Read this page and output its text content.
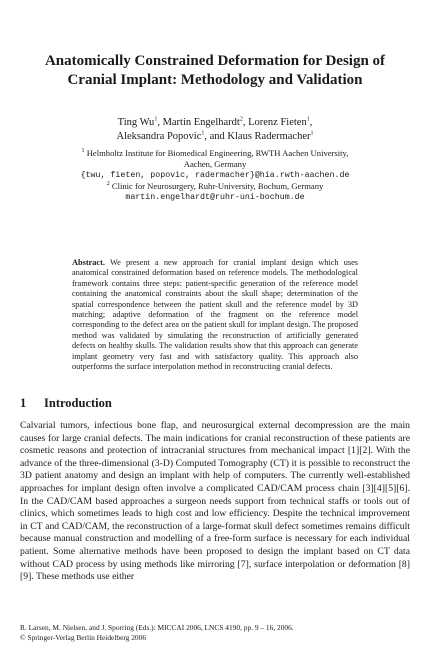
Anatomically Constrained Deformation for Design of
Cranial Implant: Methodology and Validation
Ting Wu$^1$, Martin Engelhardt$^2$, Lorenz Fieten$^1$,
Aleksandra Popovic$^1$, and Klaus Radermacher$^1$
$^1$ Helmholtz Institute for Biomedical Engineering, RWTH Aachen University,
Aachen, Germany
{twu, fieten, popovic, radermacher}@hia.rwth-aachen.de
$^2$ Clinic for Neurosurgery, Ruhr-University, Bochum, Germany
martin.engelhardt@ruhr-uni-bochum.de
Abstract. We present a new approach for cranial implant design which uses anatomical constrained deformation based on reference models. The methodological framework contains three steps: patient-specific generation of the reference model containing the anatomical constraints about the skull shape; determination of the spatial correspondence between the patient skull and the reference model by 3D matching; adaptive deformation of the fragment on the reference model corresponding to the defect area on the patient skull for implant design. The proposed method was validated by simulating the reconstruction of artificially generated defects on healthy skulls. The validation results show that this approach can generate implant geometry very fast and with satisfactory quality. This approach also outperforms the surface interpolation method in reconstructing cranial defects.
1 Introduction
Calvarial tumors, infectious bone flap, and neurosurgical external decompression are the main causes for large cranial defects. The main indications for cranial reconstruction of these patients are cosmetic reasons and protection of intracranial structures from mechanical impact [1][2]. With the advance of the three-dimensional (3-D) Computed Tomography (CT) it is possible to reconstruct the 3D patient anatomy and design an implant with help of computers. The currently well-established approaches for implant design often involve a complicated CAD/CAM process chain [3][4][5][6]. In the CAD/CAM based approaches a surgeon needs support from technical staffs or tools out of clinics, which sometimes leads to high cost and low efficiency. Despite the technical improvement in CT and CAD/CAM, the reconstruction of a large-format skull defect sometimes remains difficult because manual construction and modelling of a free-form surface is necessary for each individual patient. Some alternative methods have been proposed to design the implant based on CT data without CAD process by using methods like mirroring [7], surface interpolation or deformation [8][9]. These methods use either
R. Larsen, M. Nielsen, and J. Sporring (Eds.): MICCAI 2006, LNCS 4190, pp. 9 – 16, 2006.
© Springer-Verlag Berlin Heidelberg 2006
